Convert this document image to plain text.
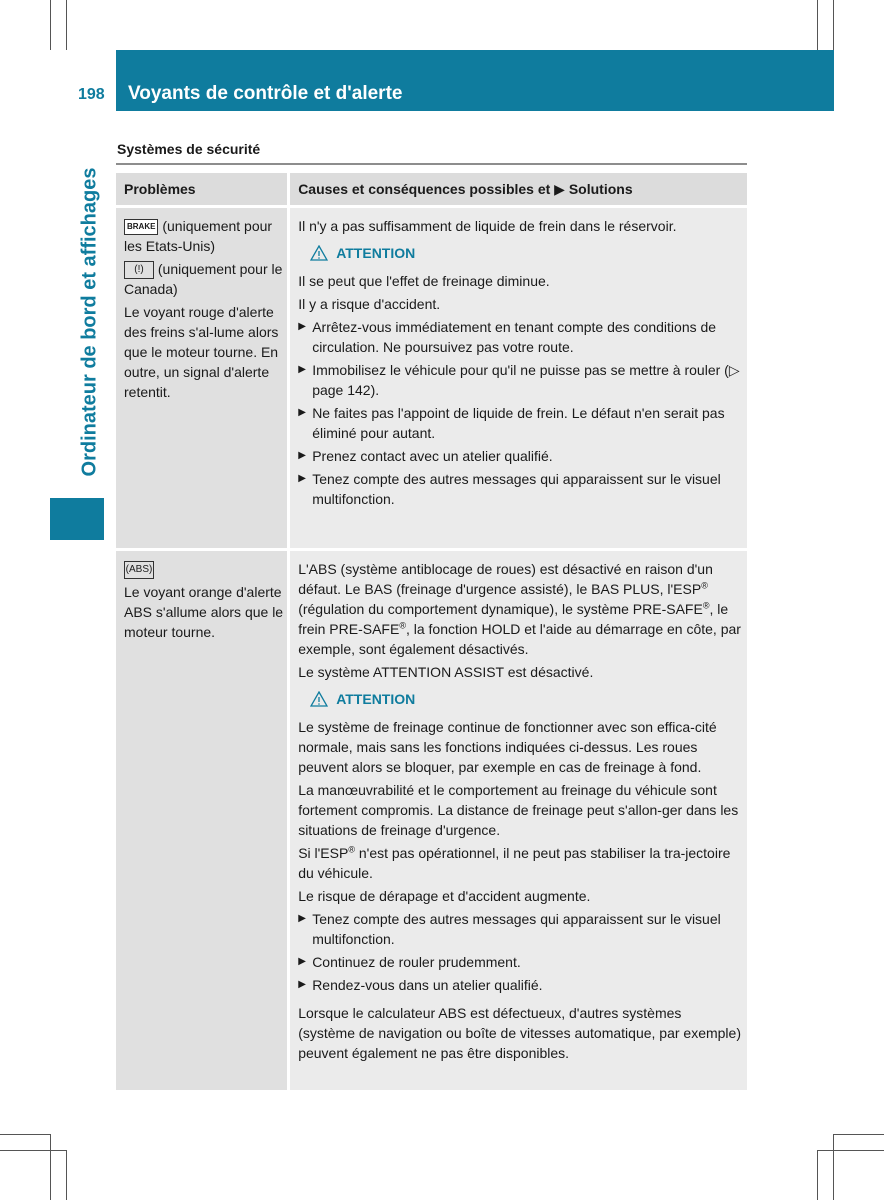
198 Voyants de contrôle et d'alerte
Ordinateur de bord et affichages
Systèmes de sécurité
Problèmes	Causes et conséquences possibles et ▶ Solutions
BRAKE (uniquement pour les Etats-Unis)
(!) (uniquement pour le Canada)
Le voyant rouge d'alerte des freins s'al-lume alors que le moteur tourne. En outre, un signal d'alerte retentit.
Il n'y a pas suffisamment de liquide de frein dans le réservoir.
ATTENTION
Il se peut que l'effet de freinage diminue.
Il y a risque d'accident.
▶ Arrêtez-vous immédiatement en tenant compte des conditions de circulation. Ne poursuivez pas votre route.
▶ Immobilisez le véhicule pour qu'il ne puisse pas se mettre à rouler (▷ page 142).
▶ Ne faites pas l'appoint de liquide de frein. Le défaut n'en serait pas éliminé pour autant.
▶ Prenez contact avec un atelier qualifié.
▶ Tenez compte des autres messages qui apparaissent sur le visuel multifonction.
(ABS)
Le voyant orange d'alerte ABS s'allume alors que le moteur tourne.
L'ABS (système antiblocage de roues) est désactivé en raison d'un défaut. Le BAS (freinage d'urgence assisté), le BAS PLUS, l'ESP® (régulation du comportement dynamique), le système PRE-SAFE®, le frein PRE-SAFE®, la fonction HOLD et l'aide au démarrage en côte, par exemple, sont également désactivés.
Le système ATTENTION ASSIST est désactivé.
ATTENTION
Le système de freinage continue de fonctionner avec son effica-cité normale, mais sans les fonctions indiquées ci-dessus. Les roues peuvent alors se bloquer, par exemple en cas de freinage à fond.
La manœuvrabilité et le comportement au freinage du véhicule sont fortement compromis. La distance de freinage peut s'allon-ger dans les situations de freinage d'urgence.
Si l'ESP® n'est pas opérationnel, il ne peut pas stabiliser la tra-jectoire du véhicule.
Le risque de dérapage et d'accident augmente.
▶ Tenez compte des autres messages qui apparaissent sur le visuel multifonction.
▶ Continuez de rouler prudemment.
▶ Rendez-vous dans un atelier qualifié.
Lorsque le calculateur ABS est défectueux, d'autres systèmes (système de navigation ou boîte de vitesses automatique, par exemple) peuvent également ne pas être disponibles.
